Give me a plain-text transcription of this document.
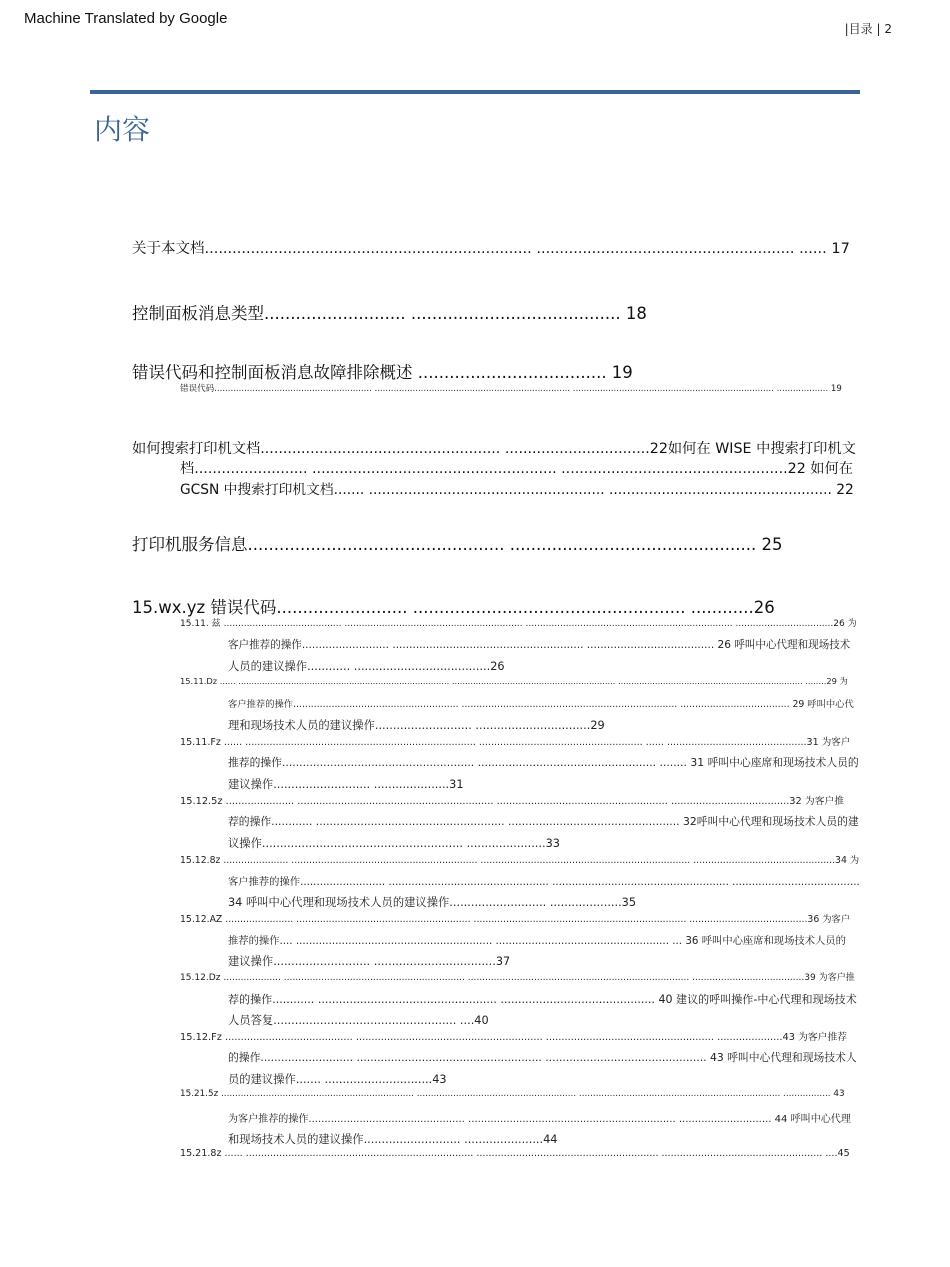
Machine Translated by Google
|目录 | 2
内容
关于本文档....................................................................... ........................................................ ...... 17
控制面板消息类型........................... ........................................ 18
错误代码和控制面板消息故障排除概述 .................................... 19
错误代码.......................................................... ........................................................................ .......................................................................... ................... 19
如何搜索打印机文档..................................................... ................................22如何在 WISE 中搜索打印机文
档......................... ...................................................... ..................................................22 如何在
GCSN 中搜索打印机文档....... ...................................................... ................................................... 22
打印机服务信息................................................. ............................................... 25
15.wx.yz 错误代码......................... .................................................... ............26
15.11. 兹 ......................................... .............................................................. ........................................................................ ..................................26 为
客户推荐的操作.......................... ......................................................... ...................................... 26 呼叫中心代理和现场技术
人员的建议操作............ ......................................26
15.11.Dz ...... ................................................................................ .............................................................. ...................................................................... ........29 为
客户推荐的操作........................................................ ......................................................................... ..................................... 29 呼叫中心代
理和现场技术人员的建议操作........................... ................................29
15.11.Fz ...... ............................................................................ ...................................................... ...... ..............................................31 为客户
推荐的操作........................................................ .................................................... ........ 31 呼叫中心座席和现场技术人员的
建议操作........................... .....................31
15.12.5z ...................... ............................................................... ....................................................... ......................................32 为客户推
荐的操作............ ....................................................... .................................................. 32呼叫中心代理和现场技术人员的建
议操作........................................................ ......................33
15.12.8z ...................... ............................................................... ....................................................................... ................................................34 为
客户推荐的操作.......................... ................................................. ...................................................... .......................................
34 呼叫中心代理和现场技术人员的建议操作........................... ....................35
15.12.AZ ....................... ........................................................... ........................................................................ ........................................36 为客户
推荐的操作.... ............................................................ ..................................................... ... 36 呼叫中心座席和现场技术人员的
建议操作........................... ..................................37
15.12.Dz .................... ............................................................... ............................................................................. .......................................39 为客户推
荐的操作............ ................................................... ............................................ 40 建议的呼叫操作-中心代理和现场技术
人员答复................................................... ....40
15.12.Fz ......................................... ............................................................ ...................................................... .....................43 为客户推荐
的操作........................... ...................................................... ............................................... 43 呼叫中心代理和现场技术人
员的建议操作....... ..............................43
15.21.5z ..................................................................... ......................................................... ........................................................................ ................. 43
为客户推荐的操作................................................. ................................................................. ............................. 44 呼叫中心代理
和现场技术人员的建议操作........................... ......................44
15.21.8z ...... ........................................................................... ............................................................ ..................................................... ....45
